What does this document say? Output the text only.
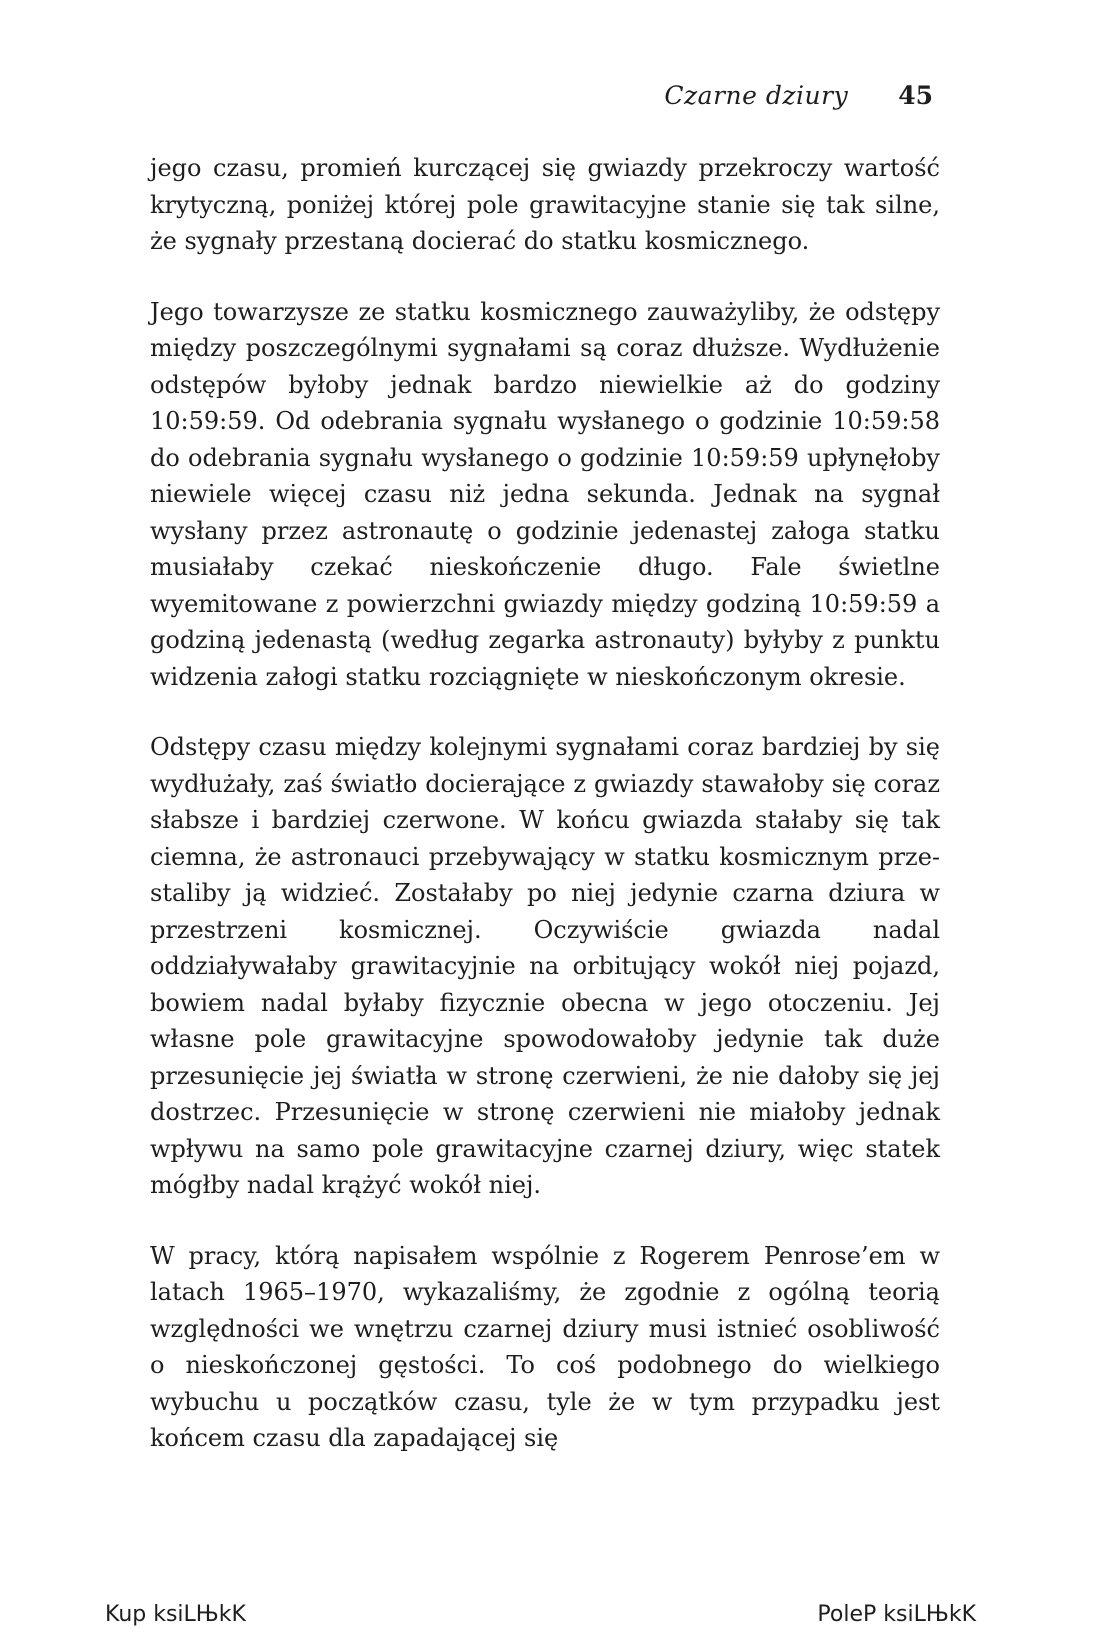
Czarne dziury 45

jego czasu, promień kurczącej się gwiazdy przekroczy wartość krytyczną, poniżej której pole grawitacyjne stanie się tak silne, że sygnały przestaną docierać do statku kosmicznego.

Jego towarzysze ze statku kosmicznego zauważyliby, że odstępy między poszczególnymi sygnałami są coraz dłuższe. Wydłużenie odstępów byłoby jednak bardzo niewielkie aż do godziny 10:59:59. Od odebrania sygnału wysłanego o godzinie 10:59:58 do odebrania sygnału wysłanego o godzinie 10:59:59 upłynęłoby niewiele więcej czasu niż jedna sekunda. Jednak na sygnał wysłany przez astronautę o godzinie jedenastej załoga statku musiałaby czekać nieskończenie długo. Fale świetlne wyemitowane z powierzchni gwiazdy między godziną 10:59:59 a godziną jedenastą (według zegarka astronauty) byłyby z punktu widzenia załogi statku rozciągnięte w nieskończonym okresie.

Odstępy czasu między kolejnymi sygnałami coraz bardziej by się wydłużały, zaś światło docierające z gwiazdy stawałoby się coraz słabsze i bardziej czerwone. W końcu gwiazda stałaby się tak ciemna, że astronauci przebywający w statku kosmicznym przestaliby ją widzieć. Zostałaby po niej jedynie czarna dziura w przestrzeni kosmicznej. Oczywiście gwiazda nadal oddziaływałaby grawitacyjnie na orbitujący wokół niej pojazd, bowiem nadal byłaby fizycznie obecna w jego otoczeniu. Jej własne pole grawitacyjne spowodowałoby jedynie tak duże przesunięcie jej światła w stronę czerwieni, że nie dałoby się jej dostrzec. Przesunięcie w stronę czerwieni nie miałoby jednak wpływu na samo pole grawitacyjne czarnej dziury, więc statek mógłby nadal krążyć wokół niej.

W pracy, którą napisałem wspólnie z Rogerem Penrose’em w latach 1965–1970, wykazaliśmy, że zgodnie z ogólną teorią względności we wnętrzu czarnej dziury musi istnieć osobliwość o nieskończonej gęstości. To coś podobnego do wielkiego wybuchu u początków czasu, tyle że w tym przypadku jest końcem czasu dla zapadającej się

Kup ksiLЊkK	PoleP ksiLЊkK
